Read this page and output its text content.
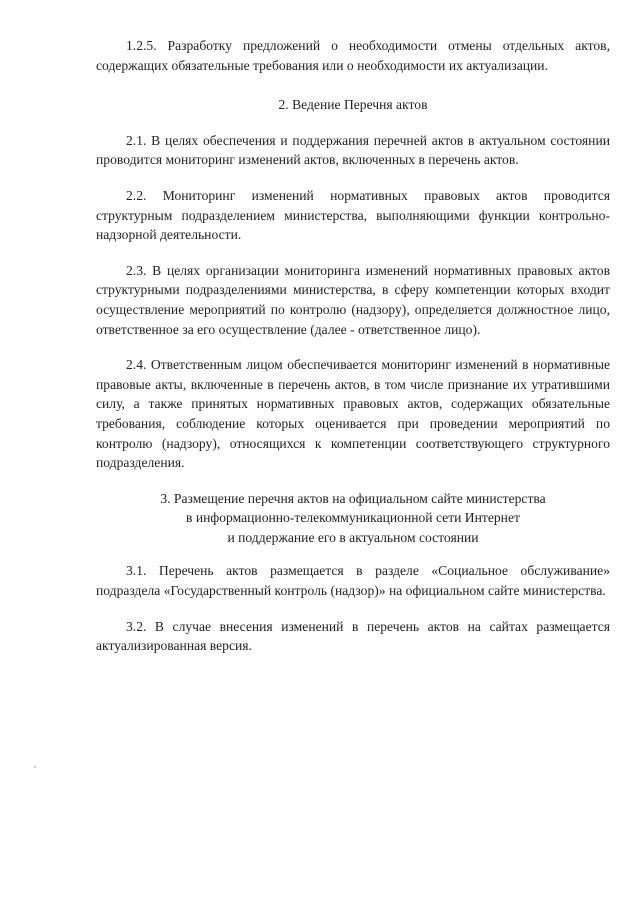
1.2.5. Разработку предложений о необходимости отмены отдельных актов, содержащих обязательные требования или о необходимости их актуализации.

2. Ведение Перечня актов

2.1. В целях обеспечения и поддержания перечней актов в актуальном состоянии проводится мониторинг изменений актов, включенных в перечень актов.

2.2. Мониторинг изменений нормативных правовых актов проводится структурным подразделением министерства, выполняющими функции контрольно-надзорной деятельности.

2.3. В целях организации мониторинга изменений нормативных правовых актов структурными подразделениями министерства, в сферу компетенции которых входит осуществление мероприятий по контролю (надзору), определяется должностное лицо, ответственное за его осуществление (далее - ответственное лицо).

2.4. Ответственным лицом обеспечивается мониторинг изменений в нормативные правовые акты, включенные в перечень актов, в том числе признание их утратившими силу, а также принятых нормативных правовых актов, содержащих обязательные требования, соблюдение которых оценивается при проведении мероприятий по контролю (надзору), относящихся к компетенции соответствующего структурного подразделения.

3. Размещение перечня актов на официальном сайте министерства
в информационно-телекоммуникационной сети Интернет
и поддержание его в актуальном состоянии

3.1. Перечень актов размещается в разделе «Социальное обслуживание» подраздела «Государственный контроль (надзор)» на официальном сайте министерства.

3.2. В случае внесения изменений в перечень актов на сайтах размещается актуализированная версия.
